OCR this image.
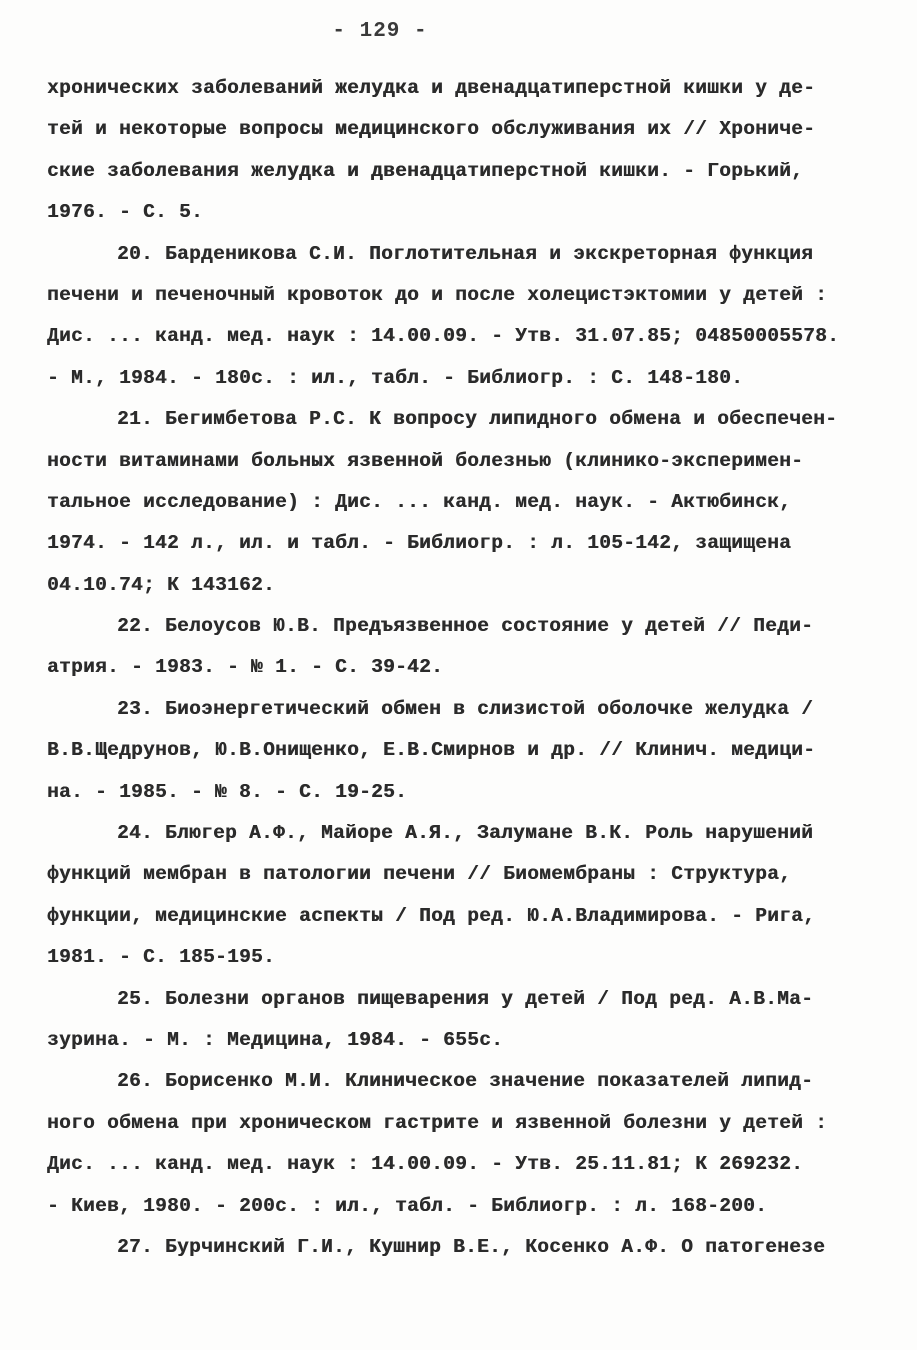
- 129 -
хронических заболеваний желудка и двенадцатиперстной кишки у де-
тей и некоторые вопросы медицинского обслуживания их // Хрониче-
ские заболевания желудка и двенадцатиперстной кишки. - Горький,
1976. - С. 5.
20. Барденикова С.И. Поглотительная и экскреторная функция
печени и печеночный кровоток до и после холецистэктомии у детей :
Дис. ... канд. мед. наук : 14.00.09. - Утв. 31.07.85; 04850005578.
- М., 1984. - 180с. : ил., табл. - Библиогр. : С. 148-180.
21. Бегимбетова Р.С. К вопросу липидного обмена и обеспечен-
ности витаминами больных язвенной болезнью (клинико-эксперимен-
тальное исследование) : Дис. ... канд. мед. наук. - Актюбинск,
1974. - 142 л., ил. и табл. - Библиогр. : л. 105-142, защищена
04.10.74; К 143162.
22. Белоусов Ю.В. Предъязвенное состояние у детей // Педи-
атрия. - 1983. - № 1. - С. 39-42.
23. Биоэнергетический обмен в слизистой оболочке желудка /
В.В.Щедрунов, Ю.В.Онищенко, Е.В.Смирнов и др. // Клинич. медици-
на. - 1985. - № 8. - С. 19-25.
24. Блюгер А.Ф., Майоре А.Я., Залуманe В.К. Роль нарушений
функций мембран в патологии печени // Биомембраны : Структура,
функции, медицинские аспекты / Под ред. Ю.А.Владимирова. - Рига,
1981. - С. 185-195.
25. Болезни органов пищеварения у детей / Под ред. А.В.Ма-
зурина. - М. : Медицина, 1984. - 655с.
26. Борисенко М.И. Клиническое значение показателей липид-
ного обмена при хроническом гастрите и язвенной болезни у детей :
Дис. ... канд. мед. наук : 14.00.09. - Утв. 25.11.81; К 269232.
- Киев, 1980. - 200с. : ил., табл. - Библиогр. : л. 168-200.
27. Бурчинский Г.И., Кушнир В.Е., Косенко А.Ф. О патогенезе
